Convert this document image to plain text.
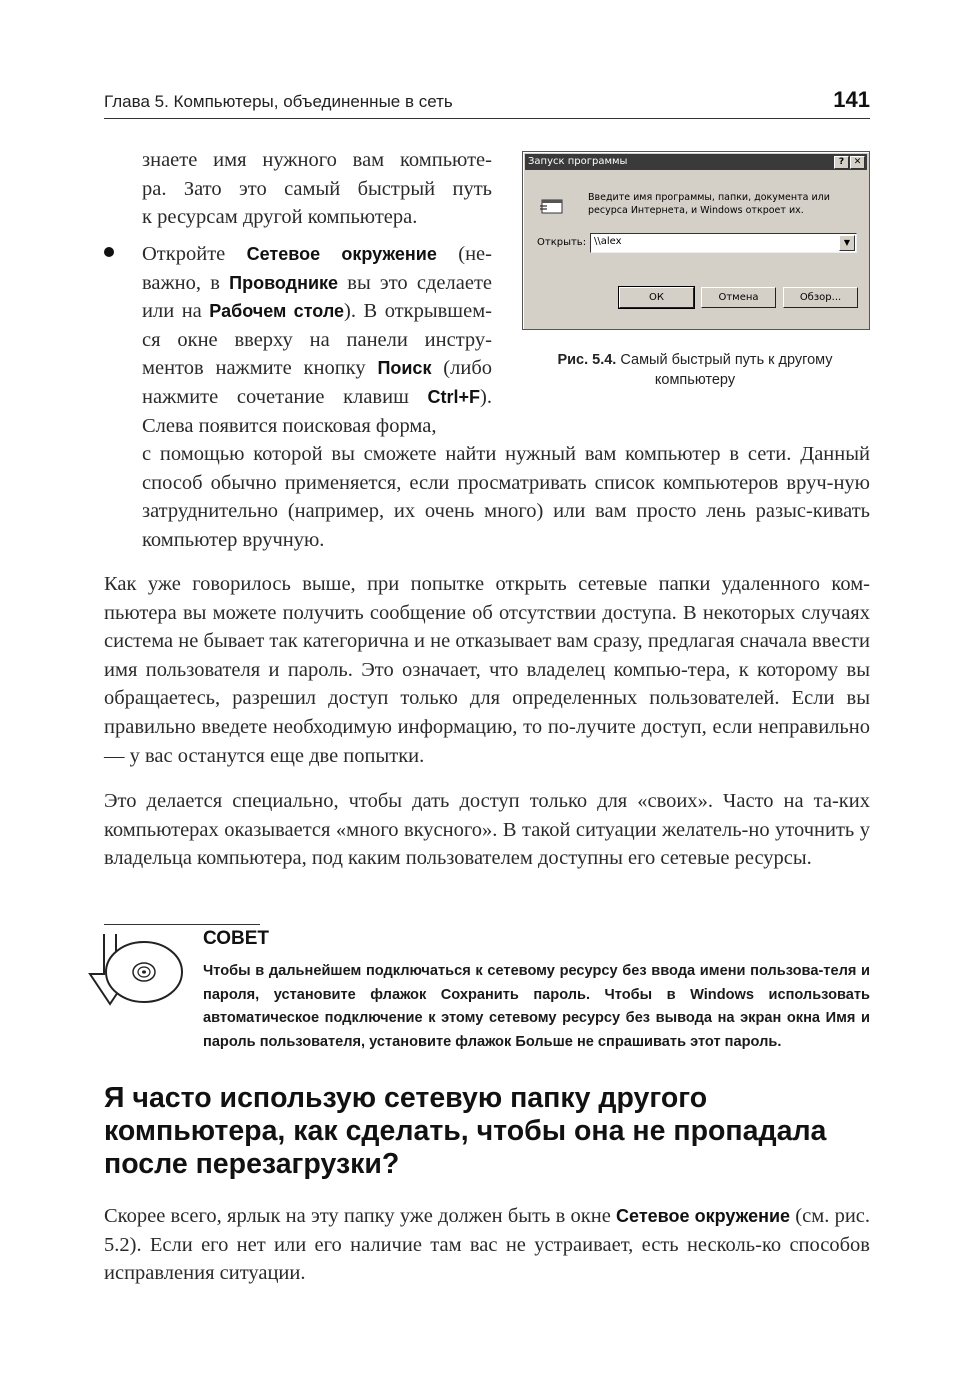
Глава 5. Компьютеры, объединенные в сеть	141
знаете имя нужного вам компьюте-
ра. Зато это самый быстрый путь
к ресурсам другой компьютера.

Откройте Сетевое окружение (не-важно, в Проводнике вы это сделаете или на Рабочем столе). В открывшем-ся окне вверху на панели инстру-ментов нажмите кнопку Поиск (либо нажмите сочетание клавиш Ctrl+F). Слева появится поисковая форма,

с помощью которой вы сможете найти нужный вам компьютер в сети. Данный способ обычно применяется, если просматривать список компьютеров вруч-ную затруднительно (например, их очень много) или вам просто лень разыс-кивать компьютер вручную.

Запуск программы	?	✕
Введите имя программы, папки, документа или ресурса Интернета, и Windows откроет их.
Открыть: \\alex	▼
ОК	Отмена	Обзор...
Рис. 5.4. Самый быстрый путь к другому компьютеру

Как уже говорилось выше, при попытке открыть сетевые папки удаленного ком-пьютера вы можете получить сообщение об отсутствии доступа. В некоторых случаях система не бывает так категорична и не отказывает вам сразу, предлагая сначала ввести имя пользователя и пароль. Это означает, что владелец компью-тера, к которому вы обращаетесь, разрешил доступ только для определенных пользователей. Если вы правильно введете необходимую информацию, то по-лучите доступ, если неправильно — у вас останутся еще две попытки.

Это делается специально, чтобы дать доступ только для «своих». Часто на та-ких компьютерах оказывается «много вкусного». В такой ситуации желатель-но уточнить у владельца компьютера, под каким пользователем доступны его сетевые ресурсы.

СОВЕТ

Чтобы в дальнейшем подключаться к сетевому ресурсу без ввода имени пользова-теля и пароля, установите флажок Сохранить пароль. Чтобы в Windows использовать автоматическое подключение к этому сетевому ресурсу без вывода на экран окна Имя и пароль пользователя, установите флажок Больше не спрашивать этот пароль.

Я часто использую сетевую папку другого компьютера, как сделать, чтобы она не пропадала после перезагрузки?

Скорее всего, ярлык на эту папку уже должен быть в окне Сетевое окружение (см. рис. 5.2). Если его нет или его наличие там вас не устраивает, есть несколь-ко способов исправления ситуации.
